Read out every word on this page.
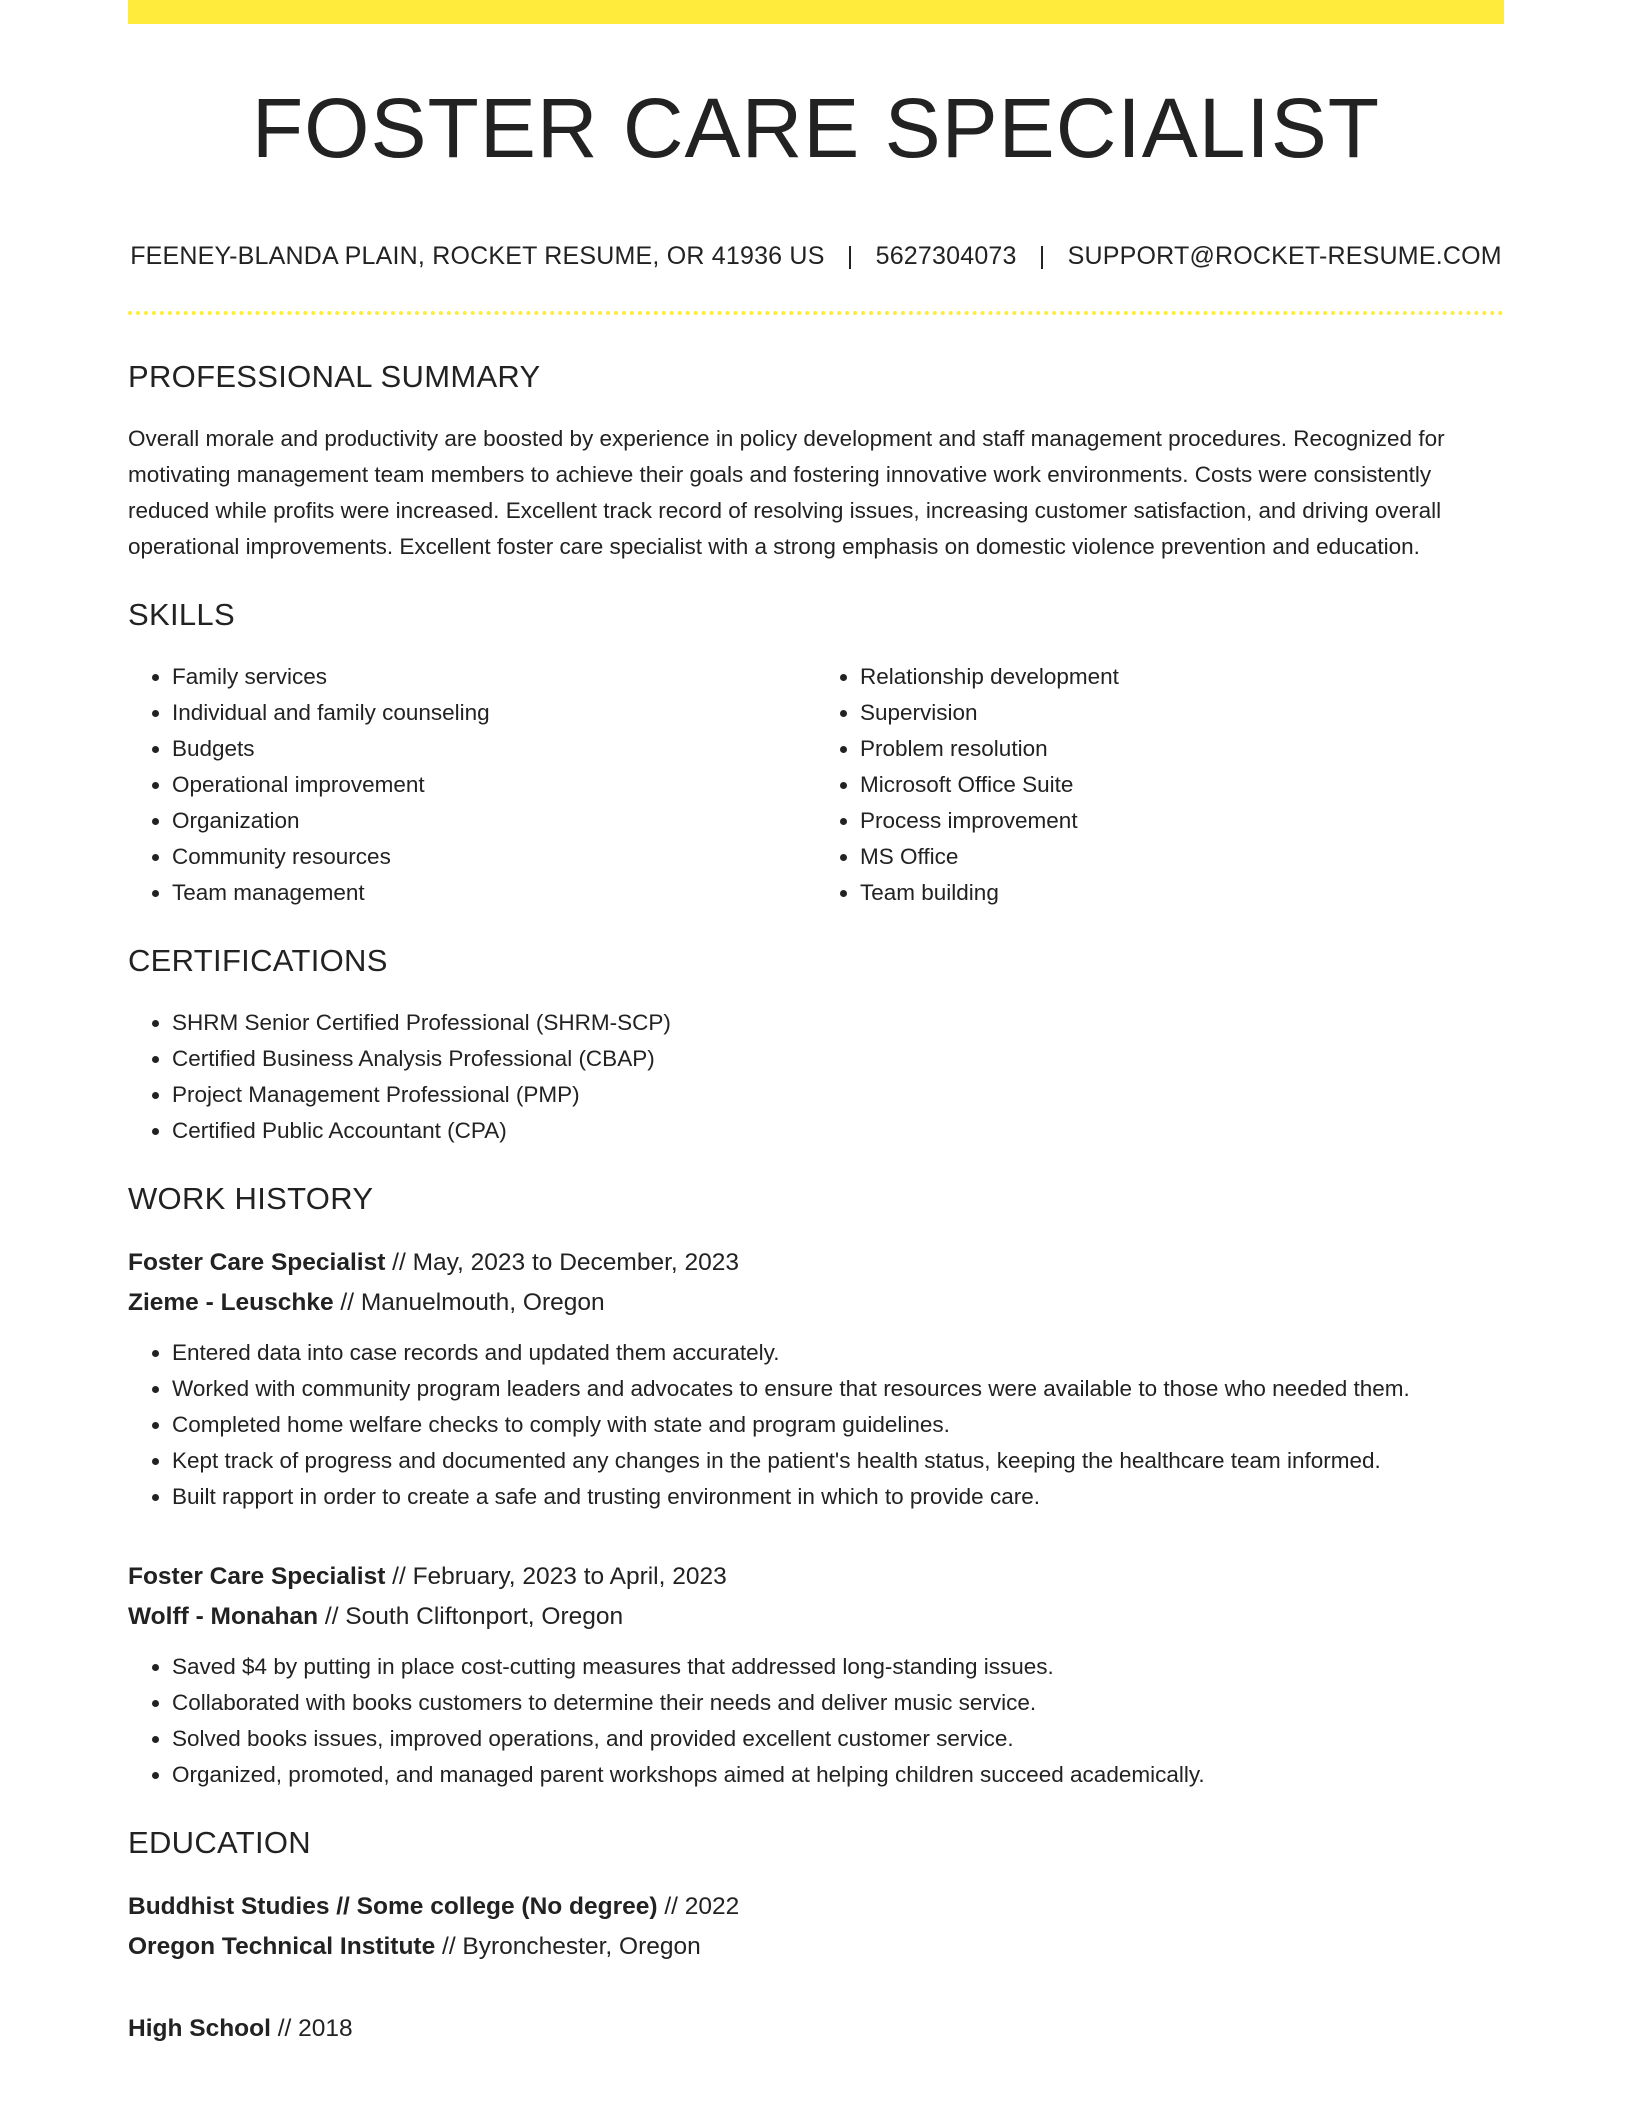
FOSTER CARE SPECIALIST
FEENEY-BLANDA PLAIN, ROCKET RESUME, OR 41936 US | 5627304073 | SUPPORT@ROCKET-RESUME.COM
PROFESSIONAL SUMMARY
Overall morale and productivity are boosted by experience in policy development and staff management procedures. Recognized for motivating management team members to achieve their goals and fostering innovative work environments. Costs were consistently reduced while profits were increased. Excellent track record of resolving issues, increasing customer satisfaction, and driving overall operational improvements. Excellent foster care specialist with a strong emphasis on domestic violence prevention and education.
SKILLS
• Family services
• Individual and family counseling
• Budgets
• Operational improvement
• Organization
• Community resources
• Team management
• Relationship development
• Supervision
• Problem resolution
• Microsoft Office Suite
• Process improvement
• MS Office
• Team building
CERTIFICATIONS
• SHRM Senior Certified Professional (SHRM-SCP)
• Certified Business Analysis Professional (CBAP)
• Project Management Professional (PMP)
• Certified Public Accountant (CPA)
WORK HISTORY
Foster Care Specialist // May, 2023 to December, 2023
Zieme - Leuschke // Manuelmouth, Oregon
• Entered data into case records and updated them accurately.
• Worked with community program leaders and advocates to ensure that resources were available to those who needed them.
• Completed home welfare checks to comply with state and program guidelines.
• Kept track of progress and documented any changes in the patient's health status, keeping the healthcare team informed.
• Built rapport in order to create a safe and trusting environment in which to provide care.
Foster Care Specialist // February, 2023 to April, 2023
Wolff - Monahan // South Cliftonport, Oregon
• Saved $4 by putting in place cost-cutting measures that addressed long-standing issues.
• Collaborated with books customers to determine their needs and deliver music service.
• Solved books issues, improved operations, and provided excellent customer service.
• Organized, promoted, and managed parent workshops aimed at helping children succeed academically.
EDUCATION
Buddhist Studies // Some college (No degree) // 2022
Oregon Technical Institute // Byronchester, Oregon
High School // 2018
